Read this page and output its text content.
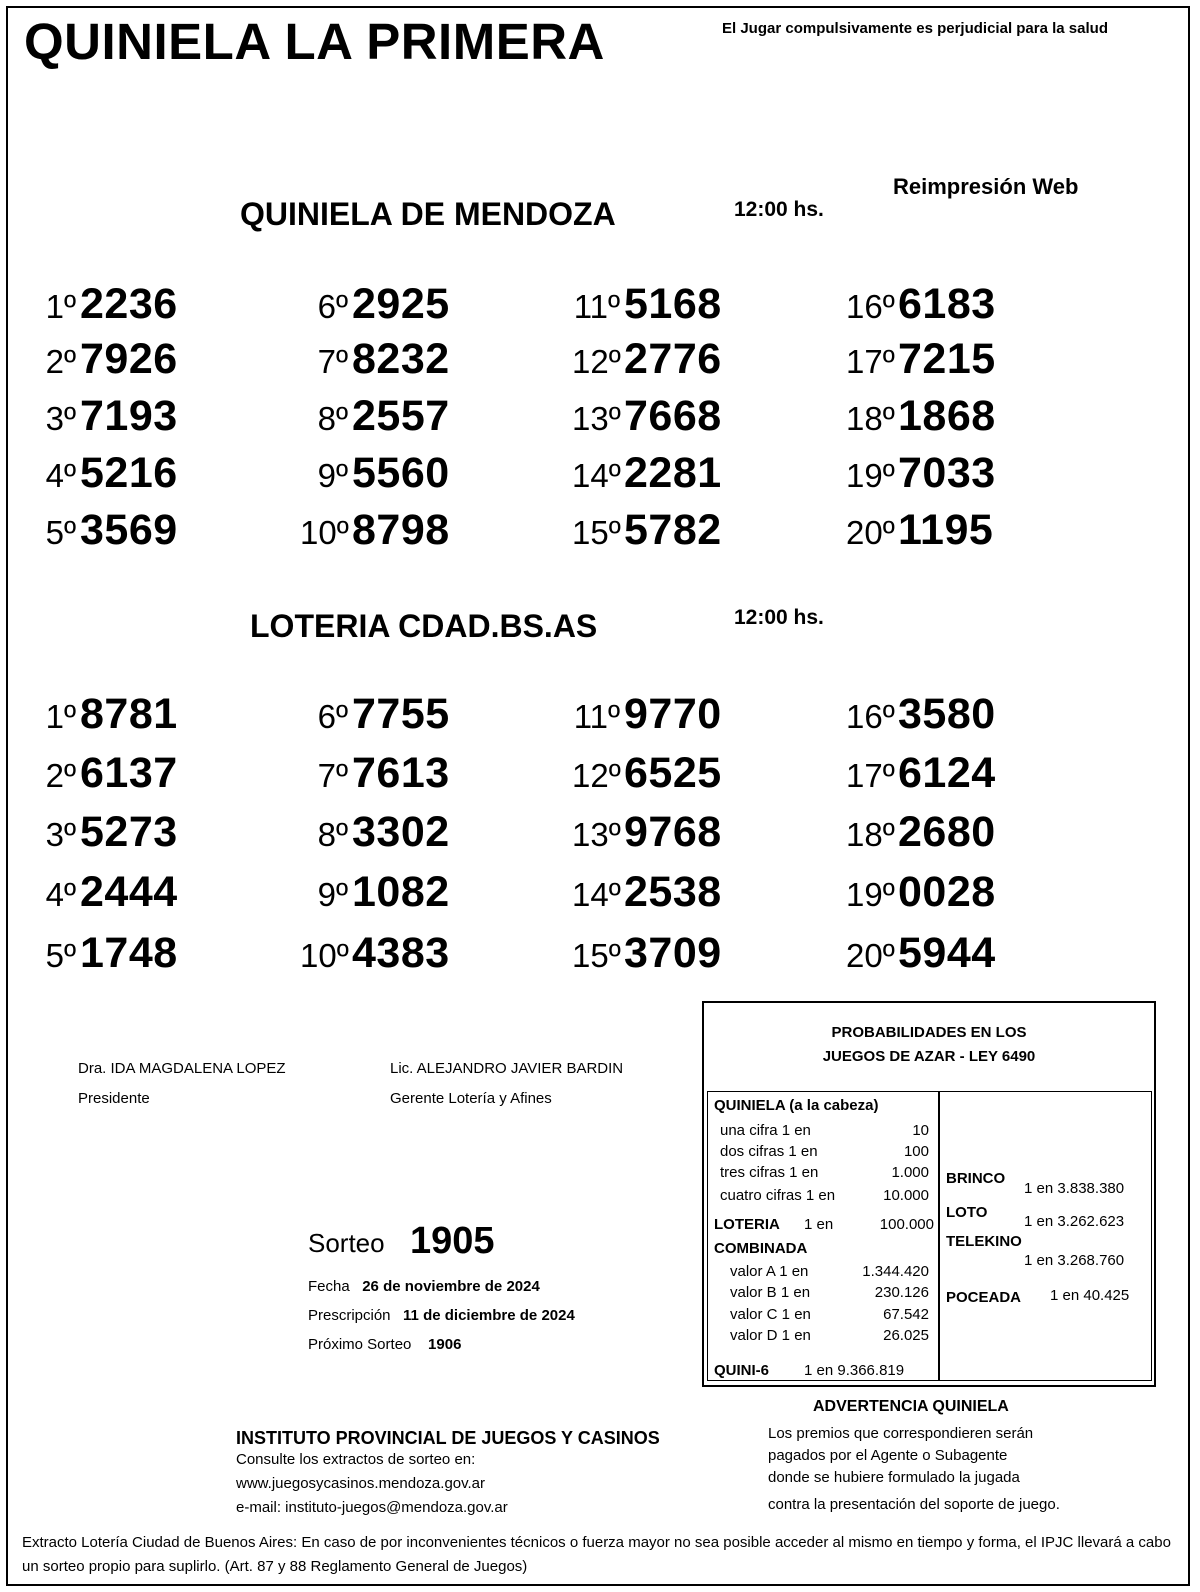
QUINIELA LA PRIMERA	El Jugar compulsivamente es perjudicial para la salud
Reimpresión Web
QUINIELA DE MENDOZA	12:00 hs.
1º 2236
2º 7926
3º 7193
4º 5216
5º 3569
6º 2925
7º 8232
8º 2557
9º 5560
10º 8798
11º 5168
12º 2776
13º 7668
14º 2281
15º 5782
16º 6183
17º 7215
18º 1868
19º 7033
20º 1195
LOTERIA CDAD.BS.AS	12:00 hs.
1º 8781
2º 6137
3º 5273
4º 2444
5º 1748
6º 7755
7º 7613
8º 3302
9º 1082
10º 4383
11º 9770
12º 6525
13º 9768
14º 2538
15º 3709
16º 3580
17º 6124
18º 2680
19º 0028
20º 5944
Dra. IDA MAGDALENA LOPEZ
Presidente
Lic. ALEJANDRO JAVIER BARDIN
Gerente Lotería y Afines
Sorteo 1905
Fecha 26 de noviembre de 2024
Prescripción 11 de diciembre de 2024
Próximo Sorteo 1906
PROBABILIDADES EN LOS
JUEGOS DE AZAR - LEY 6490
QUINIELA (a la cabeza)
una cifra 1 en	10
dos cifras 1 en	100
tres cifras 1 en	1.000
cuatro cifras 1 en	10.000
LOTERIA 1 en	100.000
COMBINADA
valor A 1 en	1.344.420
valor B 1 en	230.126
valor C 1 en	67.542
valor D 1 en	26.025
QUINI-6 1 en 9.366.819
BRINCO
1 en 3.838.380
LOTO
1 en 3.262.623
TELEKINO
1 en 3.268.760
POCEADA 1 en 40.425
ADVERTENCIA QUINIELA
Los premios que correspondieren serán
pagados por el Agente o Subagente
donde se hubiere formulado la jugada
contra la presentación del soporte de juego.
INSTITUTO PROVINCIAL DE JUEGOS Y CASINOS
Consulte los extractos de sorteo en:
www.juegosycasinos.mendoza.gov.ar
e-mail: instituto-juegos@mendoza.gov.ar
Extracto Lotería Ciudad de Buenos Aires: En caso de por inconvenientes técnicos o fuerza mayor no sea posible acceder al mismo en tiempo y forma, el IPJC llevará a cabo un sorteo propio para suplirlo. (Art. 87 y 88 Reglamento General de Juegos)
